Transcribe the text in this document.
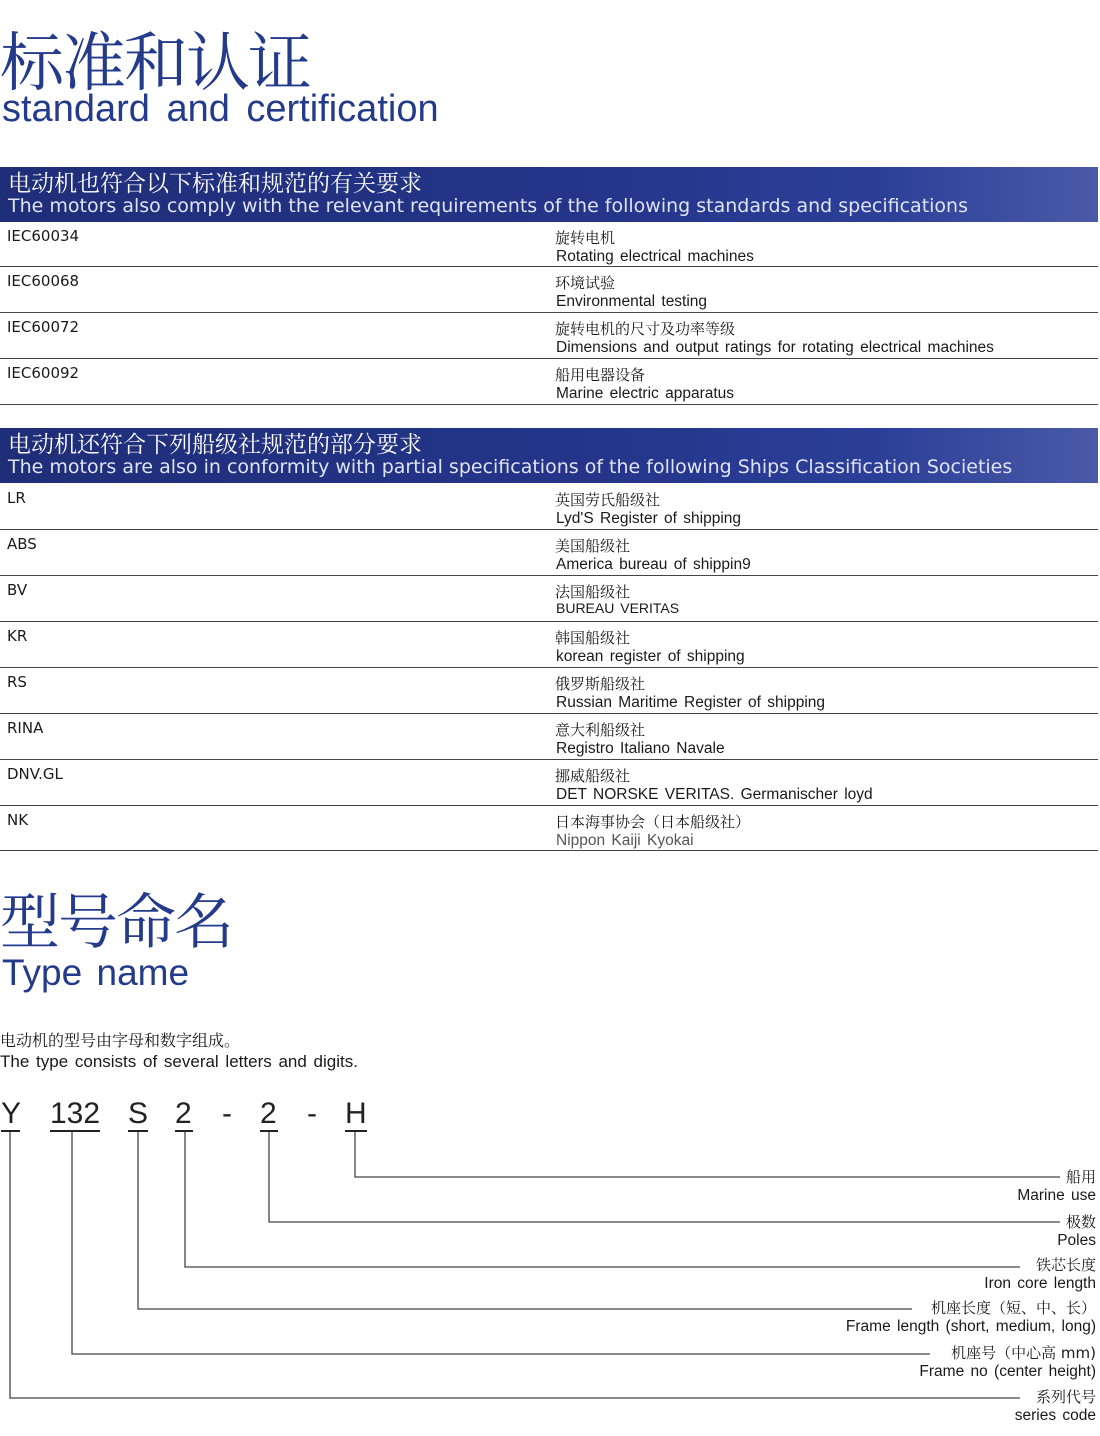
标准和认证
standard and certification
电动机也符合以下标准和规范的有关要求
The motors also comply with the relevant requirements of the following standards and specifications
IEC60034	旋转电机
Rotating electrical machines
IEC60068	环境试验
Environmental testing
IEC60072	旋转电机的尺寸及功率等级
Dimensions and output ratings for rotating electrical machines
IEC60092	船用电器设备
Marine electric apparatus
电动机还符合下列船级社规范的部分要求
The motors are also in conformity with partial specifications of the following Ships Classification Societies
LR	英国劳氏船级社
Lyd'S Register of shipping
ABS	美国船级社
America bureau of shippin9
BV	法国船级社
BUREAU VERITAS
KR	韩国船级社
korean register of shipping
RS	俄罗斯船级社
Russian Maritime Register of shipping
RINA	意大利船级社
Registro Italiano Navale
DNV.GL	挪威船级社
DET NORSKE VERITAS. Germanischer loyd
NK	日本海事协会（日本船级社）
Nippon Kaiji Kyokai
型号命名
Type name
电动机的型号由字母和数字组成。
The type consists of several letters and digits.
Y 132 S 2 - 2 - H
船用
Marine use
极数
Poles
铁芯长度
Iron core length
机座长度（短、中、长）
Frame length (short, medium, long)
机座号（中心高 mm)
Frame no (center height)
系列代号
series code
